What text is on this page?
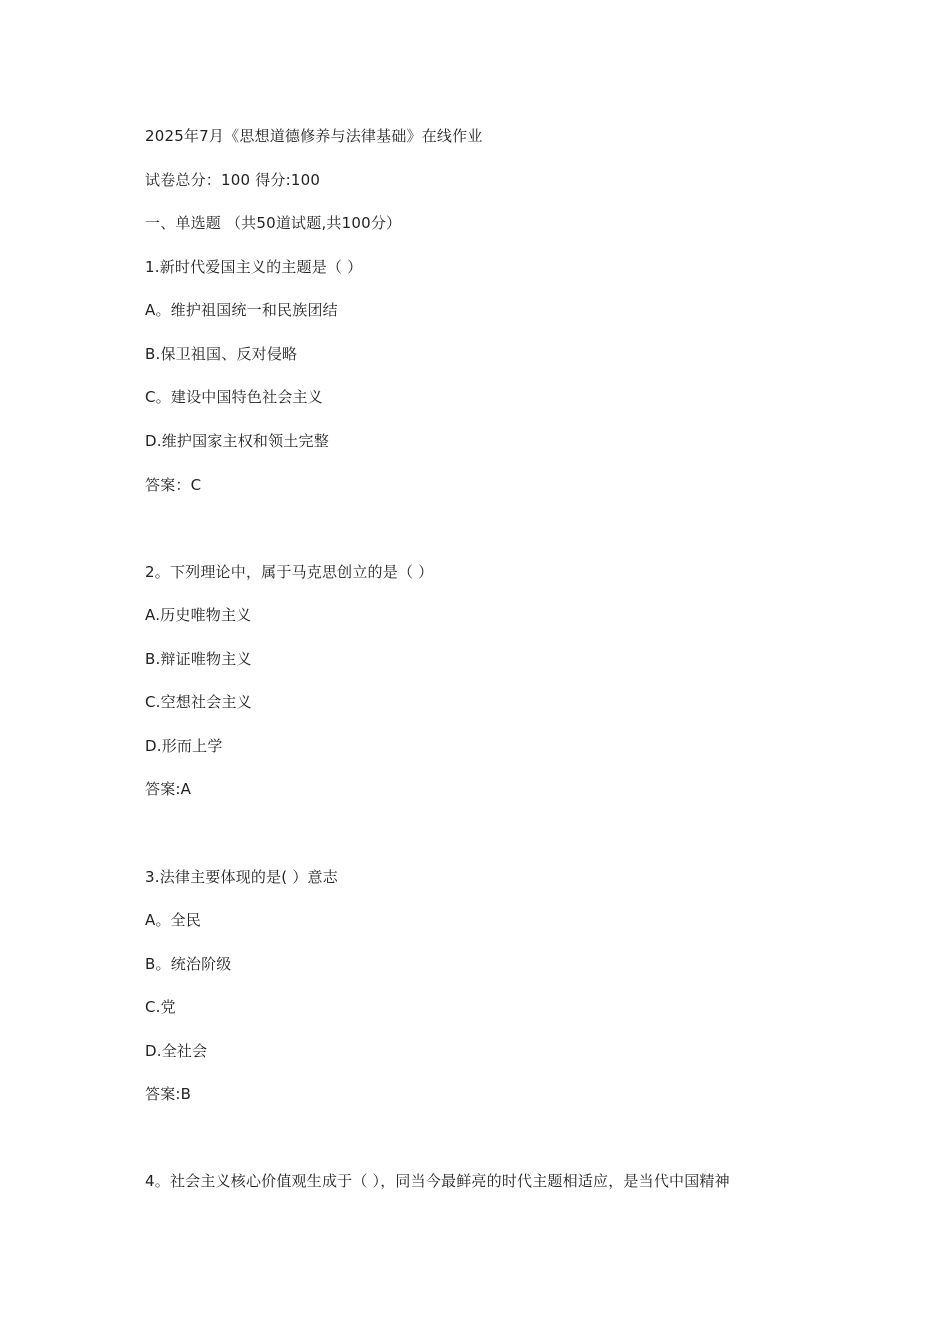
2025年7月《思想道德修养与法律基础》在线作业
试卷总分：100 得分:100
一、单选题 （共50道试题,共100分）
1.新时代爱国主义的主题是（ ）
A。维护祖国统一和民族团结
B.保卫祖国、反对侵略
C。建设中国特色社会主义
D.维护国家主权和领土完整
答案：C
2。下列理论中，属于马克思创立的是（ ）
A.历史唯物主义
B.辩证唯物主义
C.空想社会主义
D.形而上学
答案:A
3.法律主要体现的是( ）意志
A。全民
B。统治阶级
C.党
D.全社会
答案:B
4。社会主义核心价值观生成于（ ），同当今最鲜亮的时代主题相适应，是当代中国精神
